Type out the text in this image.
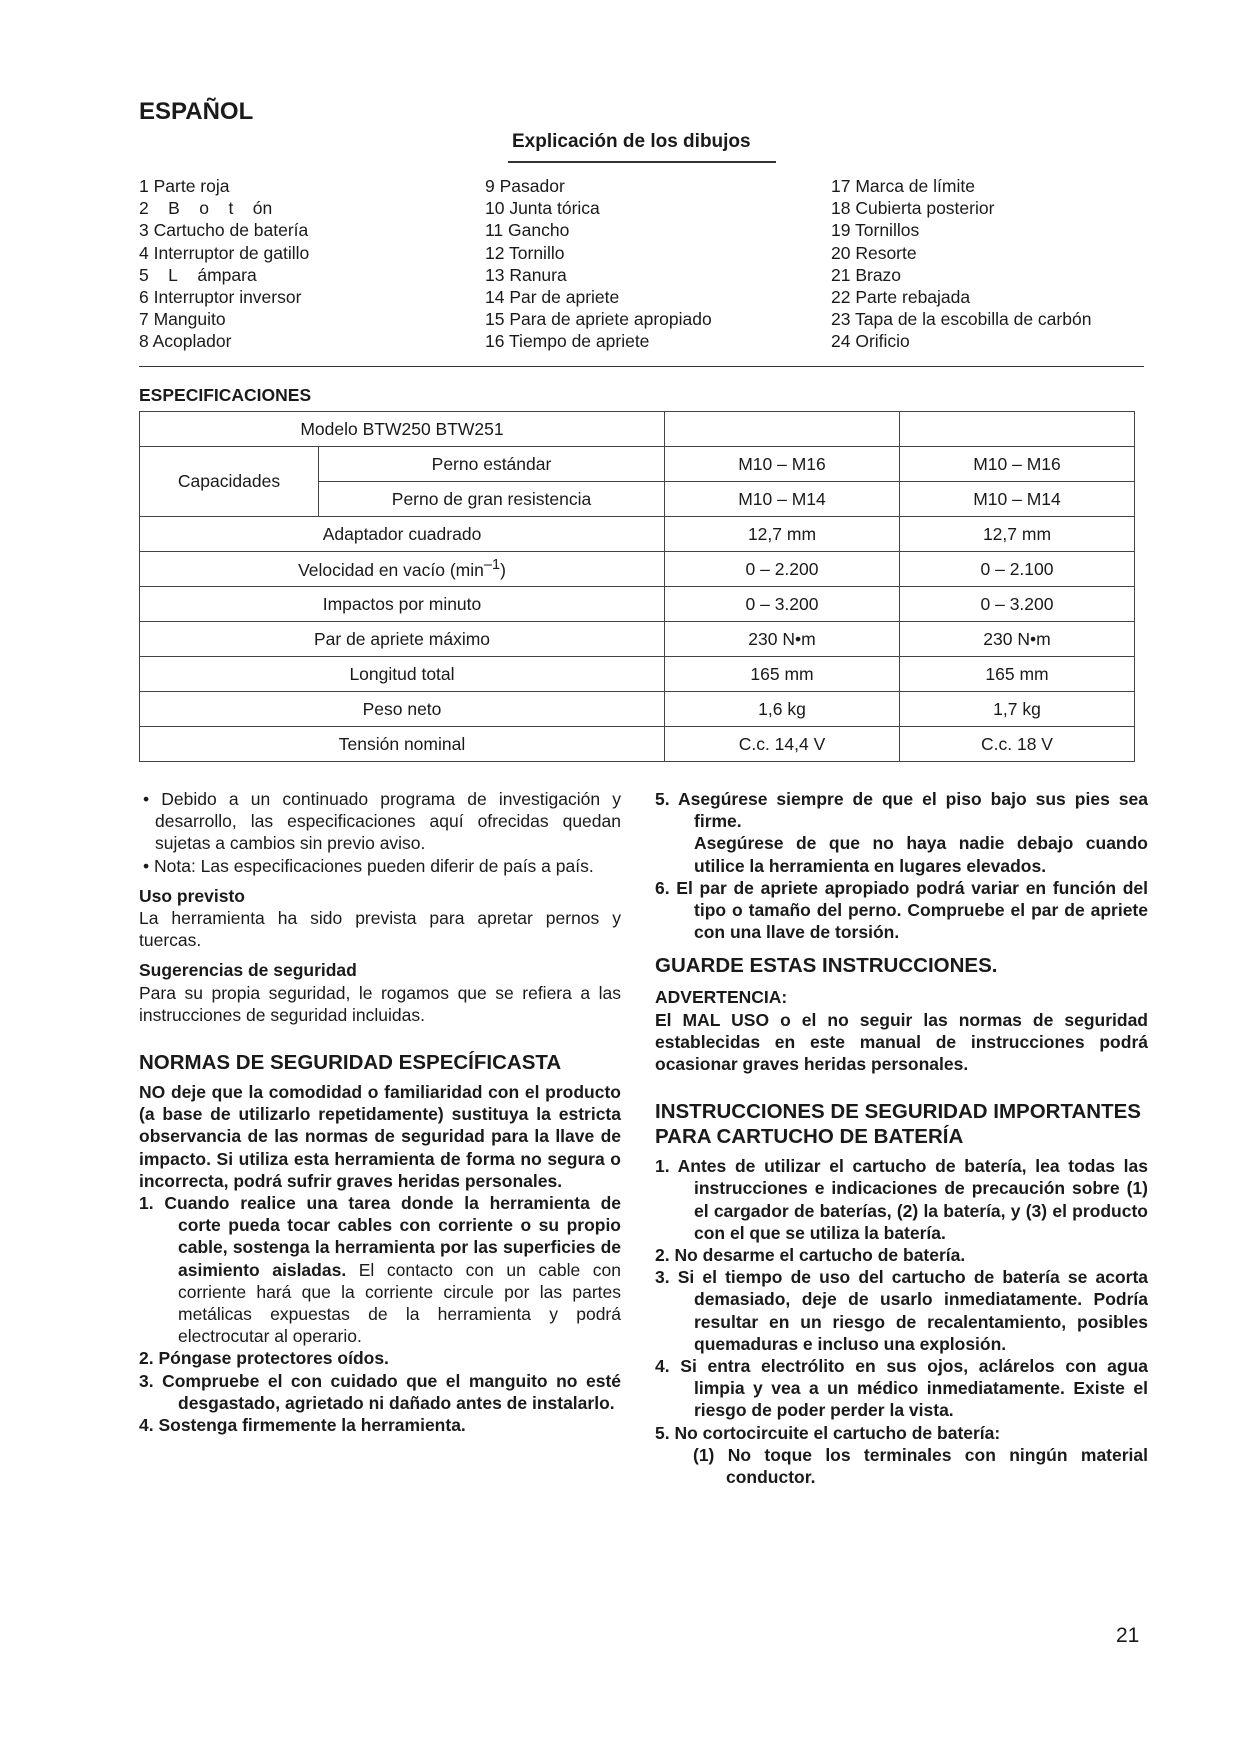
ESPAÑOL
Explicación de los dibujos
1 Parte roja
2    B    o    t    ón
3 Cartucho de batería
4 Interruptor de gatillo
5    L    ámpara
6 Interruptor inversor
7 Manguito
8 Acoplador
9 Pasador
10 Junta tórica
11 Gancho
12 Tornillo
13 Ranura
14 Par de apriete
15 Para de apriete apropiado
16 Tiempo de apriete
17 Marca de límite
18 Cubierta posterior
19 Tornillos
20 Resorte
21 Brazo
22 Parte rebajada
23 Tapa de la escobilla de carbón
24 Orificio
ESPECIFICACIONES
Modelo BTW250 BTW251			
Capacidades	Perno estándar	M10 – M16	M10 – M16
	Perno de gran resistencia	M10 – M14	M10 – M14
Adaptador cuadrado		12,7 mm	12,7 mm
Velocidad en vacío $(\min^{-1})$		0 – 2.200	0 – 2.100
Impactos por minuto		0 – 3.200	0 – 3.200
Par de apriete máximo		230 N•m	230 N•m
Longitud total		165 mm	165 mm
Peso neto		1,6 kg	1,7 kg
Tensión nominal		C.c. 14,4 V	C.c. 18 V
• Debido a un continuado programa de investigación y desarrollo, las especificaciones aquí ofrecidas quedan sujetas a cambios sin previo aviso.
• Nota: Las especificaciones pueden diferir de país a país.
Uso previsto
La herramienta ha sido prevista para apretar pernos y tuercas.
Sugerencias de seguridad
Para su propia seguridad, le rogamos que se refiera a las instrucciones de seguridad incluidas.
NORMAS DE SEGURIDAD ESPECÍFICASTA
NO deje que la comodidad o familiaridad con el producto (a base de utilizarlo repetidamente) sustituya la estricta observancia de las normas de seguridad para la llave de impacto. Si utiliza esta herramienta de forma no segura o incorrecta, podrá sufrir graves heridas personales.
1. Cuando realice una tarea donde la herramienta de corte pueda tocar cables con corriente o su propio cable, sostenga la herramienta por las superficies de asimiento aisladas. El contacto con un cable con corriente hará que la corriente circule por las partes metálicas expuestas de la herramienta y podrá electrocutar al operario.
2. Póngase protectores oídos.
3. Compruebe el con cuidado que el manguito no esté desgastado, agrietado ni dañado antes de instalarlo.
4. Sostenga firmemente la herramienta.
5. Asegúrese siempre de que el piso bajo sus pies sea firme.
Asegúrese de que no haya nadie debajo cuando utilice la herramienta en lugares elevados.
6. El par de apriete apropiado podrá variar en función del tipo o tamaño del perno. Compruebe el par de apriete con una llave de torsión.
GUARDE ESTAS INSTRUCCIONES.
ADVERTENCIA:
El MAL USO o el no seguir las normas de seguridad establecidas en este manual de instrucciones podrá ocasionar graves heridas personales.
INSTRUCCIONES DE SEGURIDAD IMPORTANTES PARA CARTUCHO DE BATERÍA
1. Antes de utilizar el cartucho de batería, lea todas las instrucciones e indicaciones de precaución sobre (1) el cargador de baterías, (2) la batería, y (3) el producto con el que se utiliza la batería.
2. No desarme el cartucho de batería.
3. Si el tiempo de uso del cartucho de batería se acorta demasiado, deje de usarlo inmediatamente. Podría resultar en un riesgo de recalentamiento, posibles quemaduras e incluso una explosión.
4. Si entra electrólito en sus ojos, aclárelos con agua limpia y vea a un médico inmediatamente. Existe el riesgo de poder perder la vista.
5. No cortocircuite el cartucho de batería:
(1) No toque los terminales con ningún material conductor.
21
